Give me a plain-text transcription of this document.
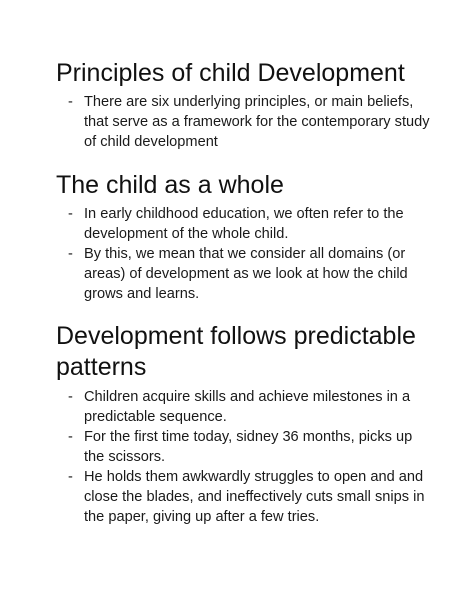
Principles of child Development
- There are six underlying principles, or main beliefs, that serve as a framework for the contemporary study of child development
The child as a whole
- In early childhood education, we often refer to the development of the whole child.
- By this, we mean that we consider all domains (or areas) of development as we look at how the child grows and learns.
Development follows predictable patterns
- Children acquire skills and achieve milestones in a predictable sequence.
- For the first time today, sidney 36 months, picks up the scissors.
- He holds them awkwardly struggles to open and and close the blades, and ineffectively cuts small snips in the paper, giving up after a few tries.
